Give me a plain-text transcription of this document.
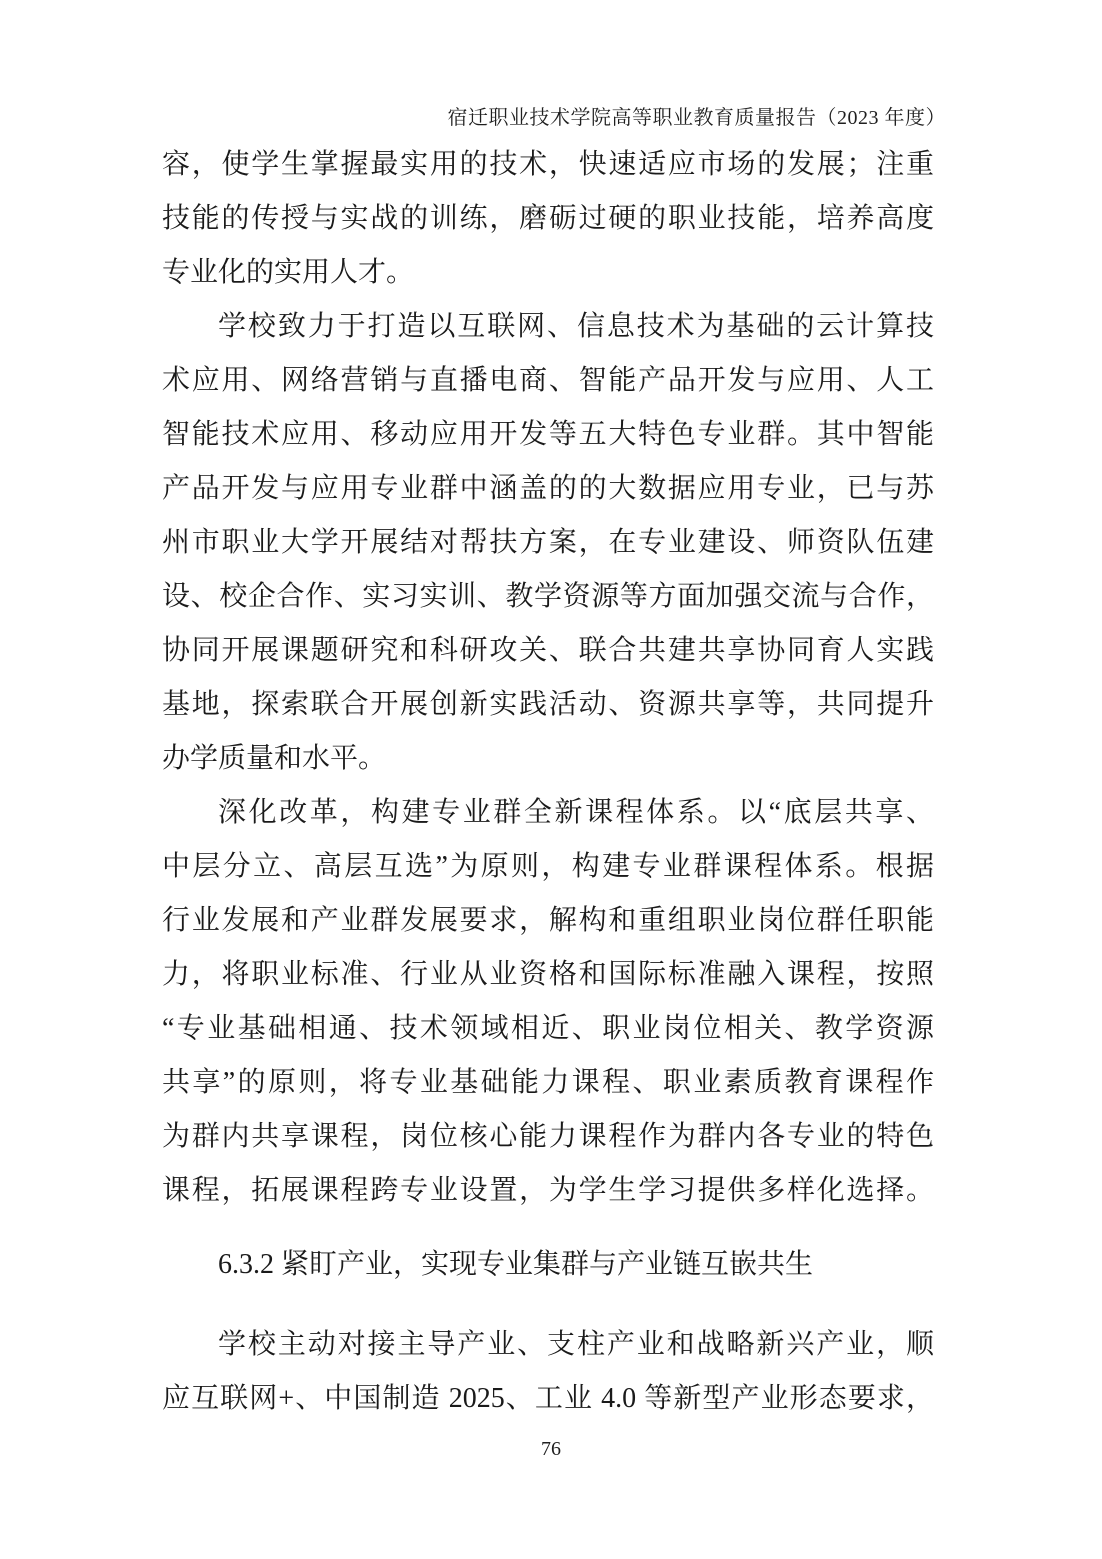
宿迁职业技术学院高等职业教育质量报告（2023 年度）
容，使学生掌握最实用的技术，快速适应市场的发展；注重
技能的传授与实战的训练，磨砺过硬的职业技能，培养高度
专业化的实用人才。
学校致力于打造以互联网、信息技术为基础的云计算技
术应用、网络营销与直播电商、智能产品开发与应用、人工
智能技术应用、移动应用开发等五大特色专业群。其中智能
产品开发与应用专业群中涵盖的的大数据应用专业，已与苏
州市职业大学开展结对帮扶方案，在专业建设、师资队伍建
设、校企合作、实习实训、教学资源等方面加强交流与合作，
协同开展课题研究和科研攻关、联合共建共享协同育人实践
基地，探索联合开展创新实践活动、资源共享等，共同提升
办学质量和水平。
深化改革，构建专业群全新课程体系。以“底层共享、
中层分立、高层互选”为原则，构建专业群课程体系。根据
行业发展和产业群发展要求，解构和重组职业岗位群任职能
力，将职业标准、行业从业资格和国际标准融入课程，按照
“专业基础相通、技术领域相近、职业岗位相关、教学资源
共享”的原则，将专业基础能力课程、职业素质教育课程作
为群内共享课程，岗位核心能力课程作为群内各专业的特色
课程，拓展课程跨专业设置，为学生学习提供多样化选择。
6.3.2 紧盯产业，实现专业集群与产业链互嵌共生
学校主动对接主导产业、支柱产业和战略新兴产业，顺
应互联网+、中国制造 2025、工业 4.0 等新型产业形态要求，
76
